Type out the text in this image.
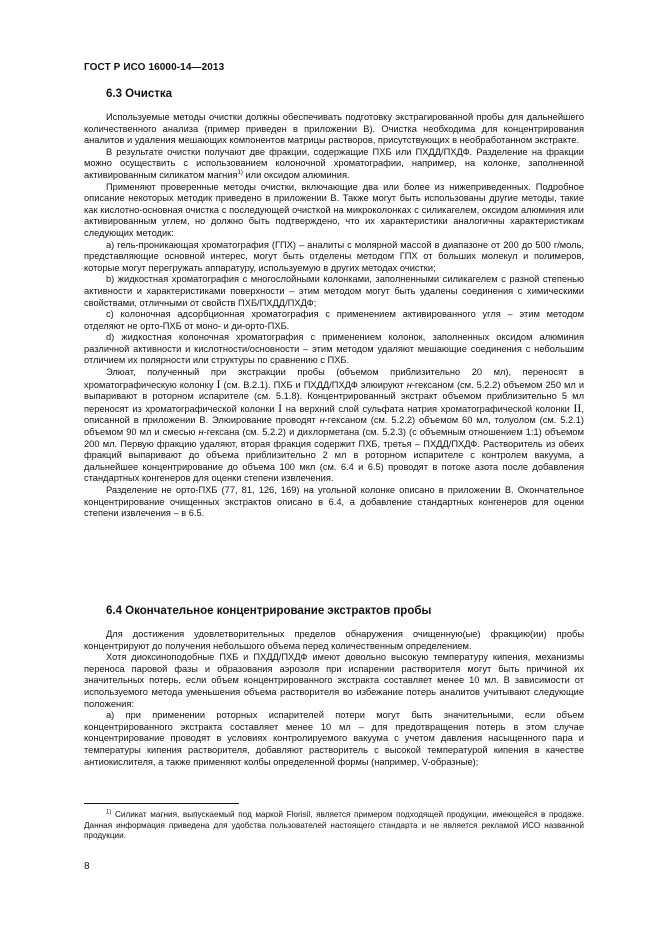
ГОСТ Р ИСО 16000-14—2013
6.3 Очистка

Используемые методы очистки должны обеспечивать подготовку экстрагированной пробы для дальнейшего количественного анализа (пример приведен в приложении В). Очистка необходима для концентрирования аналитов и удаления мешающих компонентов матрицы растворов, присутствующих в необработанном экстракте.

В результате очистки получают две фракции, содержащие ПХБ или ПХДД/ПХДФ. Разделение на фракции можно осуществить с использованием колоночной хроматографии, например, на колонке, заполненной активированным силикатом магния$^{1)}$ или оксидом алюминия.

Применяют проверенные методы очистки, включающие два или более из нижеприведенных. Подробное описание некоторых методик приведено в приложении В. Также могут быть использованы другие методы, такие как кислотно-основная очистка с последующей очисткой на микроколонках с силикагелем, оксидом алюминия или активированным углем, но должно быть подтверждено, что их характеристики аналогичны характеристикам следующих методик:

а) гель-проникающая хроматография (ГПХ) – аналиты с молярной массой в диапазоне от 200 до 500 г/моль, представляющие основной интерес, могут быть отделены методом ГПХ от больших молекул и полимеров, которые могут перегружать аппаратуру, используемую в других методах очистки;

b) жидкостная хроматография с многослойными колонками, заполненными силикагелем с разной степенью активности и характеристиками поверхности – этим методом могут быть удалены соединения с химическими свойствами, отличными от свойств ПХБ/ПХДД/ПХДФ;

c) колоночная адсорбционная хроматография с применением активированного угля – этим методом отделяют не орто-ПХБ от моно- и ди-орто-ПХБ.

d) жидкостная колоночная хроматография с применением колонок, заполненных оксидом алюминия различной активности и кислотности/основности – этим методом удаляют мешающие соединения с небольшим отличием их полярности или структуры по сравнению с ПХБ.

Элюат, полученный при экстракции пробы (объемом приблизительно 20 мл), переносят в хроматографическую колонку I (см. В.2.1). ПХБ и ПХДД/ПХДФ элюируют н-гексаном (см. 5.2.2) объемом 250 мл и выпаривают в роторном испарителе (см. 5.1.8). Концентрированный экстракт объемом приблизительно 5 мл переносят из хроматографической колонки I на верхний слой сульфата натрия хроматографической колонки II, описанной в приложении В. Элюирование проводят н-гексаном (см. 5.2.2) объемом 60 мл, толуолом (см. 5.2.1) объемом 90 мл и смесью н-гексана (см. 5.2.2) и дихлорметана (см. 5.2.3) (с объемным отношением 1:1) объемом 200 мл. Первую фракцию удаляют, вторая фракция содержит ПХБ, третья – ПХДД/ПХДФ. Растворитель из обеих фракций выпаривают до объема приблизительно 2 мл в роторном испарителе с контролем вакуума, а дальнейшее концентрирование до объема 100 мкл (см. 6.4 и 6.5) проводят в потоке азота после добавления стандартных конгенеров для оценки степени извлечения.

Разделение не орто-ПХБ (77, 81, 126, 169) на угольной колонке описано в приложении В. Окончательное концентрирование очищенных экстрактов описано в 6.4, а добавление стандартных конгенеров для оценки степени извлечения – в 6.5.

6.4 Окончательное концентрирование экстрактов пробы

Для достижения удовлетворительных пределов обнаружения очищенную(ые) фракцию(ии) пробы концентрируют до получения небольшого объема перед количественным определением.

Хотя диоксиноподобные ПХБ и ПХДД/ПХДФ имеют довольно высокую температуру кипения, механизмы переноса паровой фазы и образования аэрозоля при испарении растворителя могут быть причиной их значительных потерь, если объем концентрированного экстракта составляет менее 10 мл. В зависимости от используемого метода уменьшения объема растворителя во избежание потерь аналитов учитывают следующие положения:

а) при применении роторных испарителей потери могут быть значительными, если объем концентрированного экстракта составляет менее 10 мл – для предотвращения потерь в этом случае концентрирование проводят в условиях контролируемого вакуума с учетом давления насыщенного пара и температуры кипения растворителя, добавляют растворитель с высокой температурой кипения в качестве антиокислителя, а также применяют колбы определенной формы (например, V-образные);

$^{1)}$ Силикат магния, выпускаемый под маркой Florisil, является примером подходящей продукции, имеющейся в продаже. Данная информация приведена для удобства пользователей настоящего стандарта и не является рекламой ИСО названной продукции.
8
